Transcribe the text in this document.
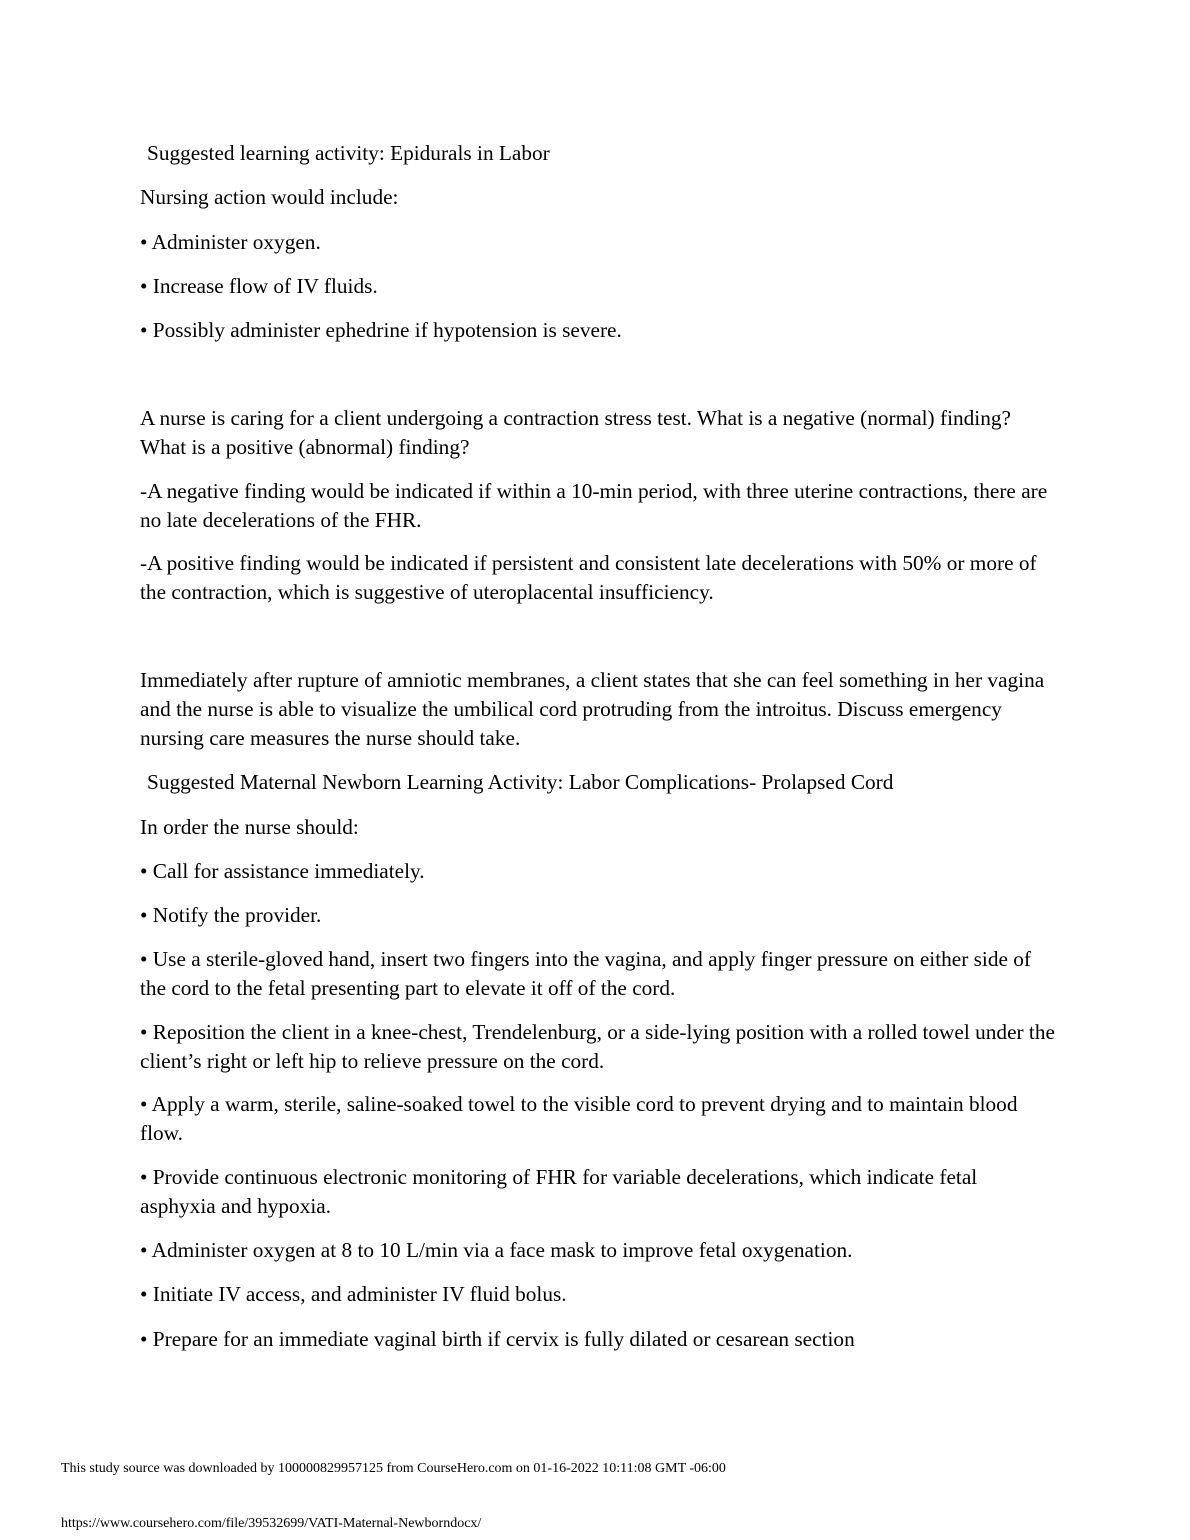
Suggested learning activity: Epidurals in Labor
Nursing action would include:
• Administer oxygen.
• Increase flow of IV fluids.
• Possibly administer ephedrine if hypotension is severe.
A nurse is caring for a client undergoing a contraction stress test. What is a negative (normal) finding? What is a positive (abnormal) finding?
-A negative finding would be indicated if within a 10-min period, with three uterine contractions, there are no late decelerations of the FHR.
-A positive finding would be indicated if persistent and consistent late decelerations with 50% or more of the contraction, which is suggestive of uteroplacental insufficiency.
Immediately after rupture of amniotic membranes, a client states that she can feel something in her vagina and the nurse is able to visualize the umbilical cord protruding from the introitus. Discuss emergency nursing care measures the nurse should take.
Suggested Maternal Newborn Learning Activity: Labor Complications- Prolapsed Cord
In order the nurse should:
• Call for assistance immediately.
• Notify the provider.
• Use a sterile-gloved hand, insert two fingers into the vagina, and apply finger pressure on either side of the cord to the fetal presenting part to elevate it off of the cord.
• Reposition the client in a knee-chest, Trendelenburg, or a side-lying position with a rolled towel under the client’s right or left hip to relieve pressure on the cord.
• Apply a warm, sterile, saline-soaked towel to the visible cord to prevent drying and to maintain blood flow.
• Provide continuous electronic monitoring of FHR for variable decelerations, which indicate fetal asphyxia and hypoxia.
• Administer oxygen at 8 to 10 L/min via a face mask to improve fetal oxygenation.
• Initiate IV access, and administer IV fluid bolus.
• Prepare for an immediate vaginal birth if cervix is fully dilated or cesarean section
This study source was downloaded by 100000829957125 from CourseHero.com on 01-16-2022 10:11:08 GMT -06:00
https://www.coursehero.com/file/39532699/VATI-Maternal-Newborndocx/
